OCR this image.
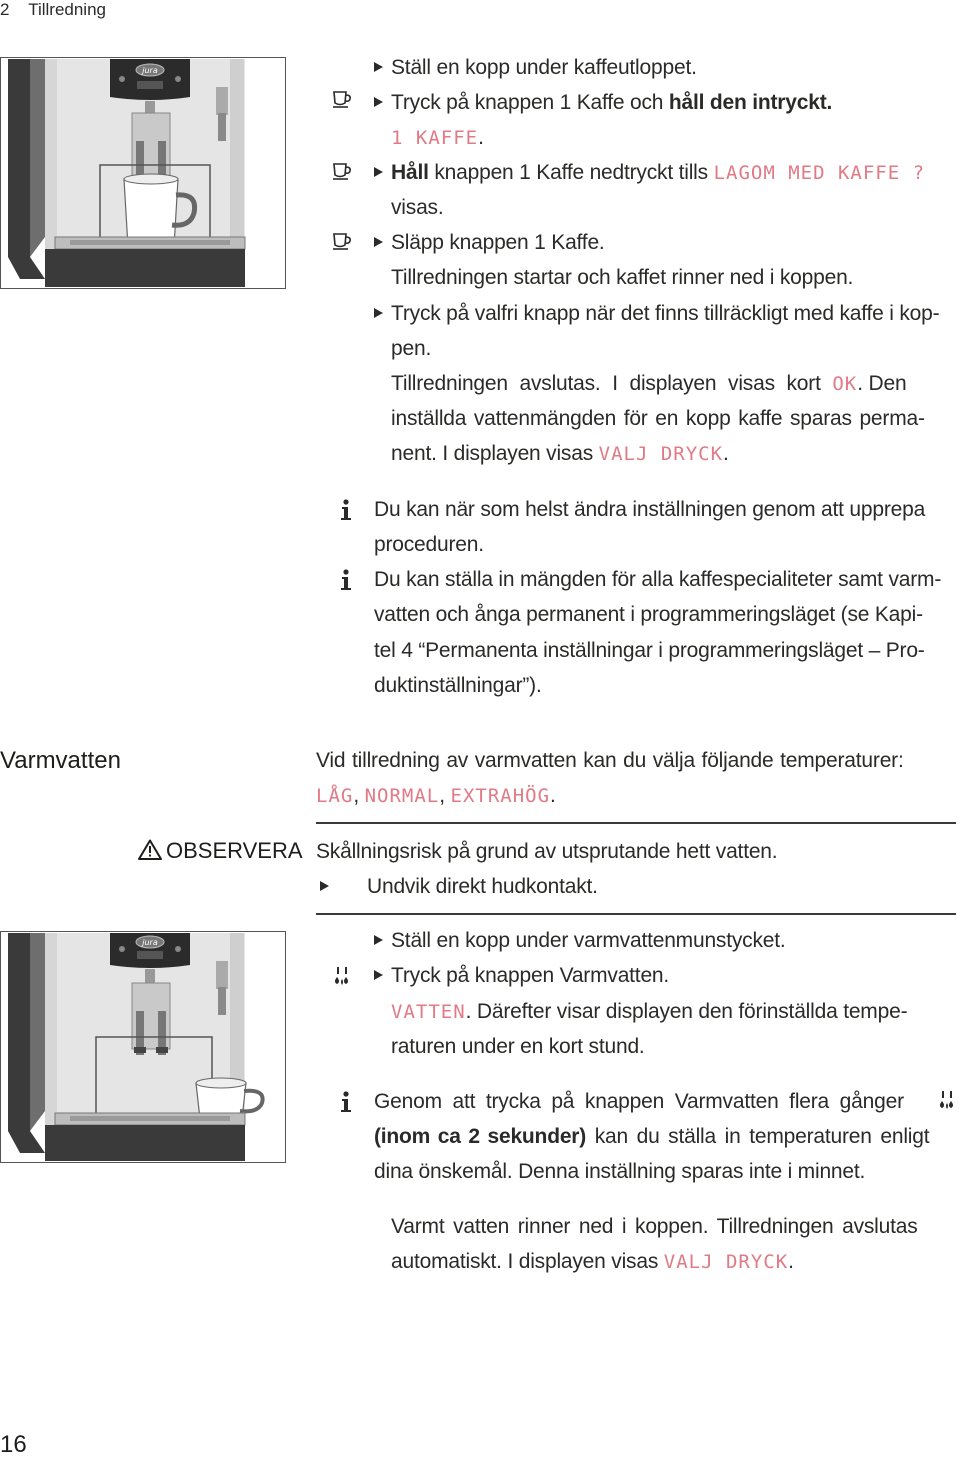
2 Tillredning
jura	Ställ en kopp under kaffeutloppet.
Tryck på knappen 1 Kaffe och håll den intryckt.
1 KAFFE.
Håll knappen 1 Kaffe nedtryckt tills LAGOM MED KAFFE ?
visas.
Släpp knappen 1 Kaffe.
Tillredningen startar och kaffet rinner ned i koppen.
Tryck på valfri knapp när det finns tillräckligt med kaffe i kop-
pen.
Tillredningen avslutas. I displayen visas kort OK. Den
inställda vattenmängden för en kopp kaffe sparas perma-
nent. I displayen visas VALJ DRYCK.
Du kan när som helst ändra inställningen genom att upprepa
proceduren.
Du kan ställa in mängden för alla kaffespecialiteter samt varm-
vatten och ånga permanent i programmeringsläget (se Kapi-
tel 4 “Permanenta inställningar i programmeringsläget – Pro-
duktinställningar”).
Varmvatten	Vid tillredning av varmvatten kan du välja följande temperaturer:
LÅG, NORMAL, EXTRAHÖG.
OBSERVERA Skållningsrisk på grund av utsprutande hett vatten.
Undvik direkt hudkontakt.
jura	Ställ en kopp under varmvattenmunstycket.
Tryck på knappen Varmvatten.
VATTEN. Därefter visar displayen den förinställda tempe-
raturen under en kort stund.
Genom att trycka på knappen Varmvatten flera gånger
(inom ca 2 sekunder) kan du ställa in temperaturen enligt
dina önskemål. Denna inställning sparas inte i minnet.
Varmt vatten rinner ned i koppen. Tillredningen avslutas
automatiskt. I displayen visas VALJ DRYCK.
16
